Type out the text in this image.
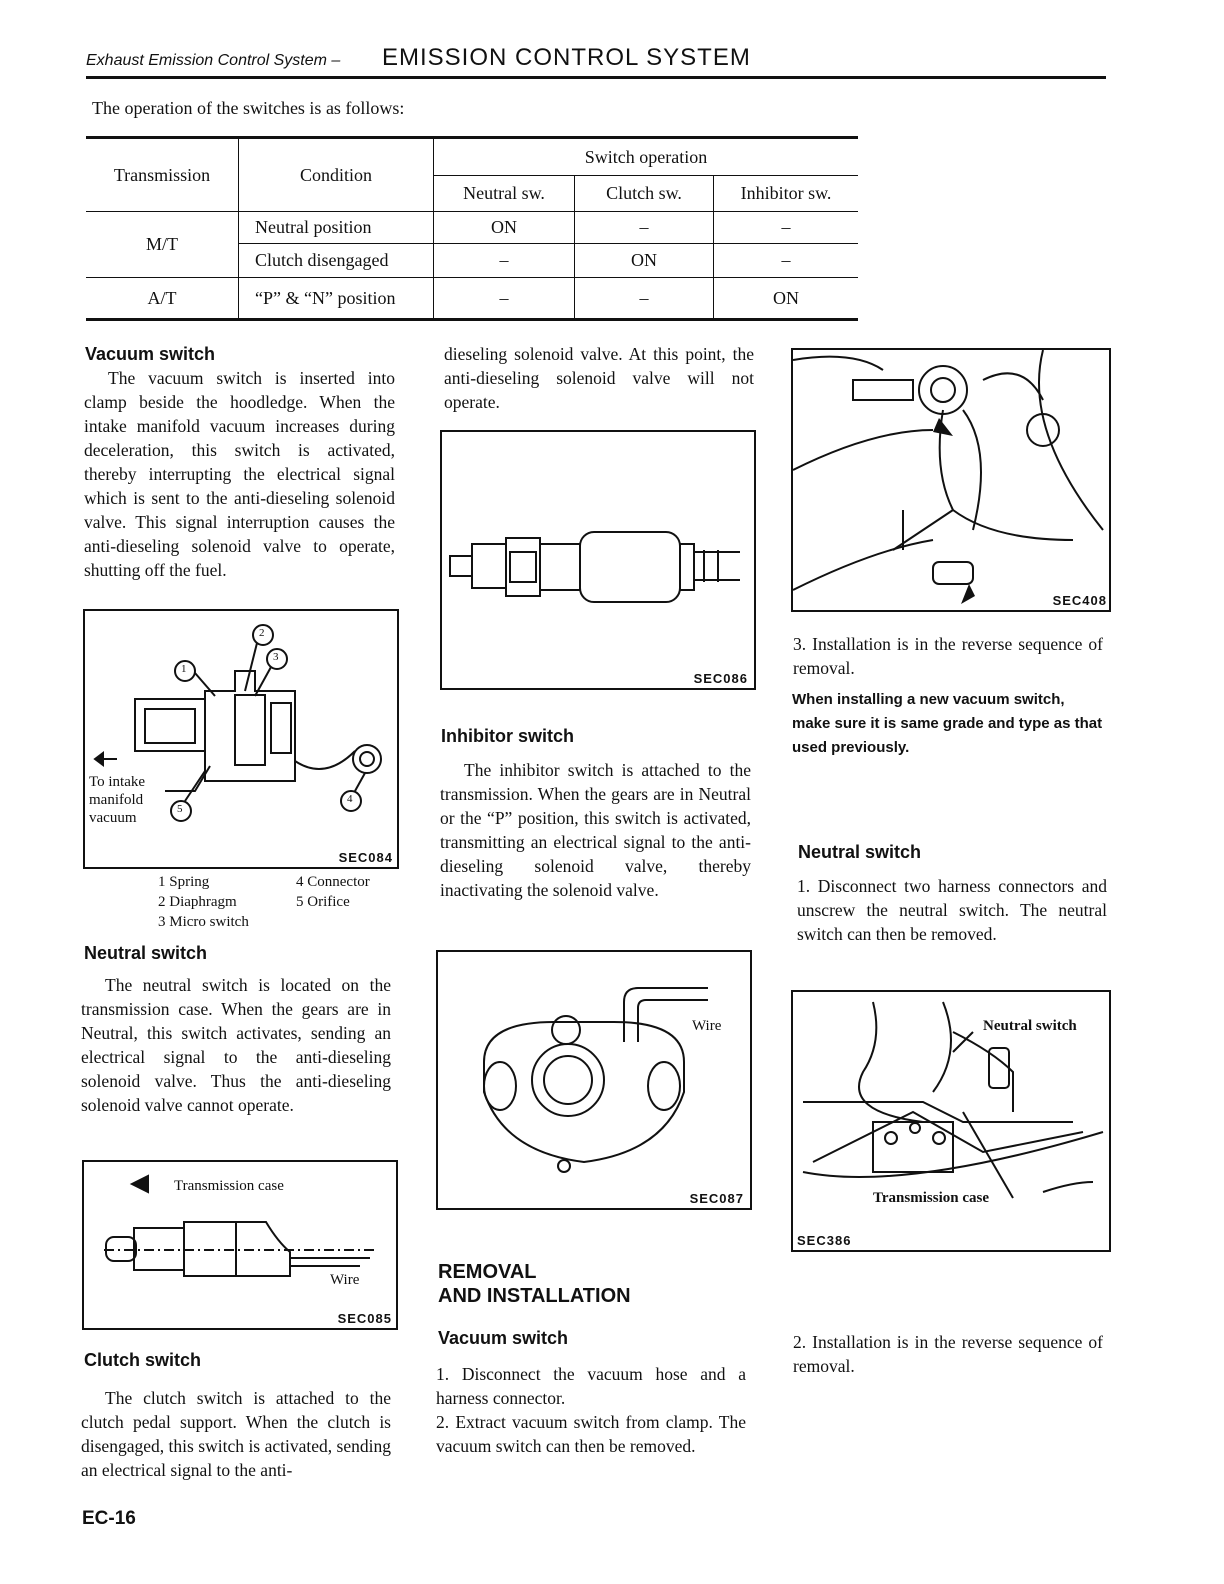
Exhaust Emission Control System – EMISSION CONTROL SYSTEM
The operation of the switches is as follows:
Transmission	Condition	Switch operation		
		Neutral sw.	Clutch sw.	Inhibitor sw.
M/T	Neutral position	ON	–	–
	Clutch disengaged	–	ON	–
A/T	“P” & “N” position	–	–	ON
Vacuum switch
The vacuum switch is inserted into clamp beside the hoodledge. When the intake manifold vacuum increases during deceleration, this switch is activated, thereby interrupting the electrical signal which is sent to the anti-dieseling solenoid valve. This signal interruption causes the anti-dieseling solenoid valve to operate, shutting off the fuel.
1
2
3
4
5
To intake manifold vacuum
SEC084
1 Spring
2 Diaphragm
3 Micro switch
4 Connector
5 Orifice
Neutral switch
The neutral switch is located on the transmission case. When the gears are in Neutral, this switch activates, sending an electrical signal to the anti-dieseling solenoid valve. Thus the anti-dieseling solenoid valve cannot operate.
Transmission case
Wire
SEC085
Clutch switch
The clutch switch is attached to the clutch pedal support. When the clutch is disengaged, this switch is activated, sending an electrical signal to the anti-
dieseling solenoid valve. At this point, the anti-dieseling solenoid valve will not operate.
SEC086
Inhibitor switch
The inhibitor switch is attached to the transmission. When the gears are in Neutral or the “P” position, this switch is activated, transmitting an electrical signal to the anti-dieseling solenoid valve, thereby inactivating the solenoid valve.
Wire
SEC087
REMOVAL
AND INSTALLATION
Vacuum switch
1. Disconnect the vacuum hose and a harness connector.
2. Extract vacuum switch from clamp. The vacuum switch can then be removed.
SEC408
3. Installation is in the reverse sequence of removal.
When installing a new vacuum switch, make sure it is same grade and type as that used previously.
Neutral switch
1. Disconnect two harness connectors and unscrew the neutral switch. The neutral switch can then be removed.
Neutral switch
Transmission case
SEC386
2. Installation is in the reverse sequence of removal.
EC-16
